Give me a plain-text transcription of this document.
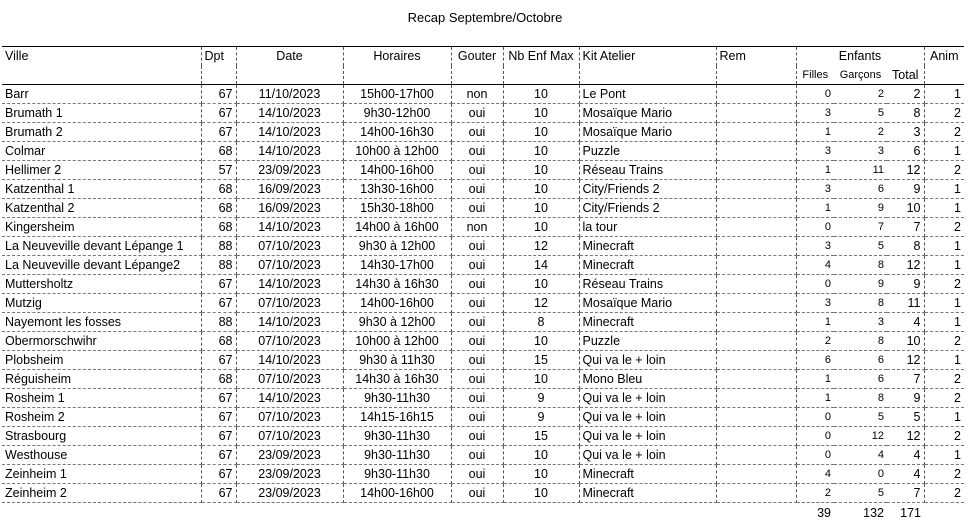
Recap Septembre/Octobre
Ville	Dpt	Date	Horaires	Gouter	Nb Enf Max	Kit Atelier	Rem	Enfants			Anim
								Filles	Garçons	Total	
Barr	67	11/10/2023	15h00-17h00	non	10	Le Pont		0	2	2	1
Brumath 1	67	14/10/2023	9h30-12h00	oui	10	Mosaïque Mario		3	5	8	2
Brumath 2	67	14/10/2023	14h00-16h30	oui	10	Mosaïque Mario		1	2	3	2
Colmar	68	14/10/2023	10h00 à 12h00	oui	10	Puzzle		3	3	6	1
Hellimer 2	57	23/09/2023	14h00-16h00	oui	10	Réseau Trains		1	11	12	2
Katzenthal 1	68	16/09/2023	13h30-16h00	oui	10	City/Friends 2		3	6	9	1
Katzenthal 2	68	16/09/2023	15h30-18h00	oui	10	City/Friends 2		1	9	10	1
Kingersheim	68	14/10/2023	14h00 à 16h00	non	10	la tour		0	7	7	2
La Neuveville devant Lépange 1	88	07/10/2023	9h30 à 12h00	oui	12	Minecraft		3	5	8	1
La Neuveville devant Lépange2	88	07/10/2023	14h30-17h00	oui	14	Minecraft		4	8	12	1
Muttersholtz	67	14/10/2023	14h30 à 16h30	oui	10	Réseau Trains		0	9	9	2
Mutzig	67	07/10/2023	14h00-16h00	oui	12	Mosaïque Mario		3	8	11	1
Nayemont les fosses	88	14/10/2023	9h30 à 12h00	oui	8	Minecraft		1	3	4	1
Obermorschwihr	68	07/10/2023	10h00 à 12h00	oui	10	Puzzle		2	8	10	2
Plobsheim	67	14/10/2023	9h30 à 11h30	oui	15	Qui va le + loin		6	6	12	1
Réguisheim	68	07/10/2023	14h30 à 16h30	oui	10	Mono Bleu		1	6	7	2
Rosheim 1	67	14/10/2023	9h30-11h30	oui	9	Qui va le + loin		1	8	9	2
Rosheim 2	67	07/10/2023	14h15-16h15	oui	9	Qui va le + loin		0	5	5	1
Strasbourg	67	07/10/2023	9h30-11h30	oui	15	Qui va le + loin		0	12	12	2
Westhouse	67	23/09/2023	9h30-11h30	oui	10	Qui va le + loin		0	4	4	1
Zeinheim 1	67	23/09/2023	9h30-11h30	oui	10	Minecraft		4	0	4	2
Zeinheim 2	67	23/09/2023	14h00-16h00	oui	10	Minecraft		2	5	7	2
								39	132	171	
